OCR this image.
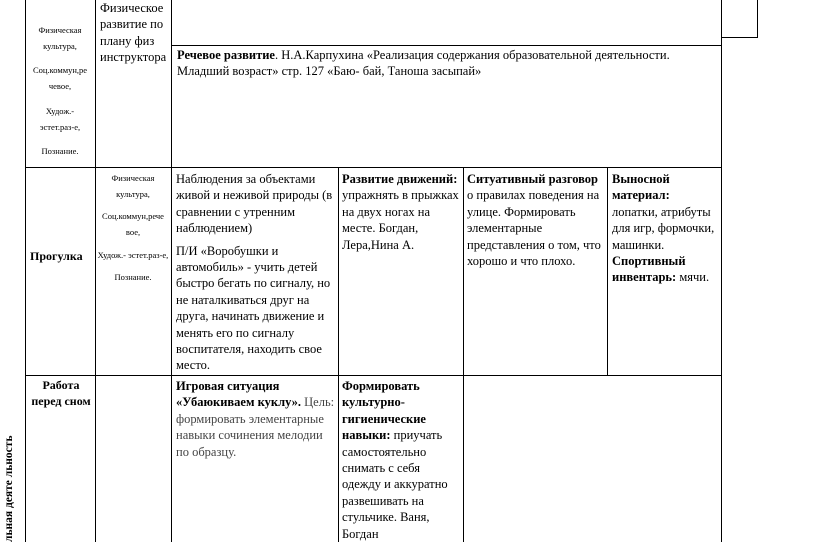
Физическая культура,
Соц.коммун,ре чевое,
Худож.- эстет.раз-е,
Познание.
Физическое развитие по плану физ инструктора Речевое развитие. Н.А.Карпухина «Реализация содержания образовательной деятельности. Младший возраст» стр. 127 «Баю- бай, Таноша засыпай»
Прогулка
Физическая культура,
Соц.коммун,рече вое,
Худож.- эстет.раз-е,
Познание.
Наблюдения за объектами живой и неживой природы (в сравнении с утренним наблюдением)
П/И «Воробушки и автомобиль» - учить детей быстро бегать по сигналу, но не наталкиваться друг на друга, начинать движение и менять его по сигналу воспитателя, находить свое место.
Развитие движений: упражнять в прыжках на двух ногах на месте. Богдан, Лера,Нина А.
Ситуативный разговор о правилах поведения на улице. Формировать элементарные представления о том, что хорошо и что плохо.
Выносной материал: лопатки, атрибуты для игр, формочки, машинки. Спортивный инвентарь: мячи.
Работа перед сном
Игровая ситуация «Убаюкиваем куклу». Цель: формировать элементарные навыки сочинения мелодии по образцу.
Формировать культурно-гигиенические навыки: приучать самостоятельно снимать с себя одежду и аккуратно развешивать на стульчике. Ваня, Богдан
льная деяте льность
